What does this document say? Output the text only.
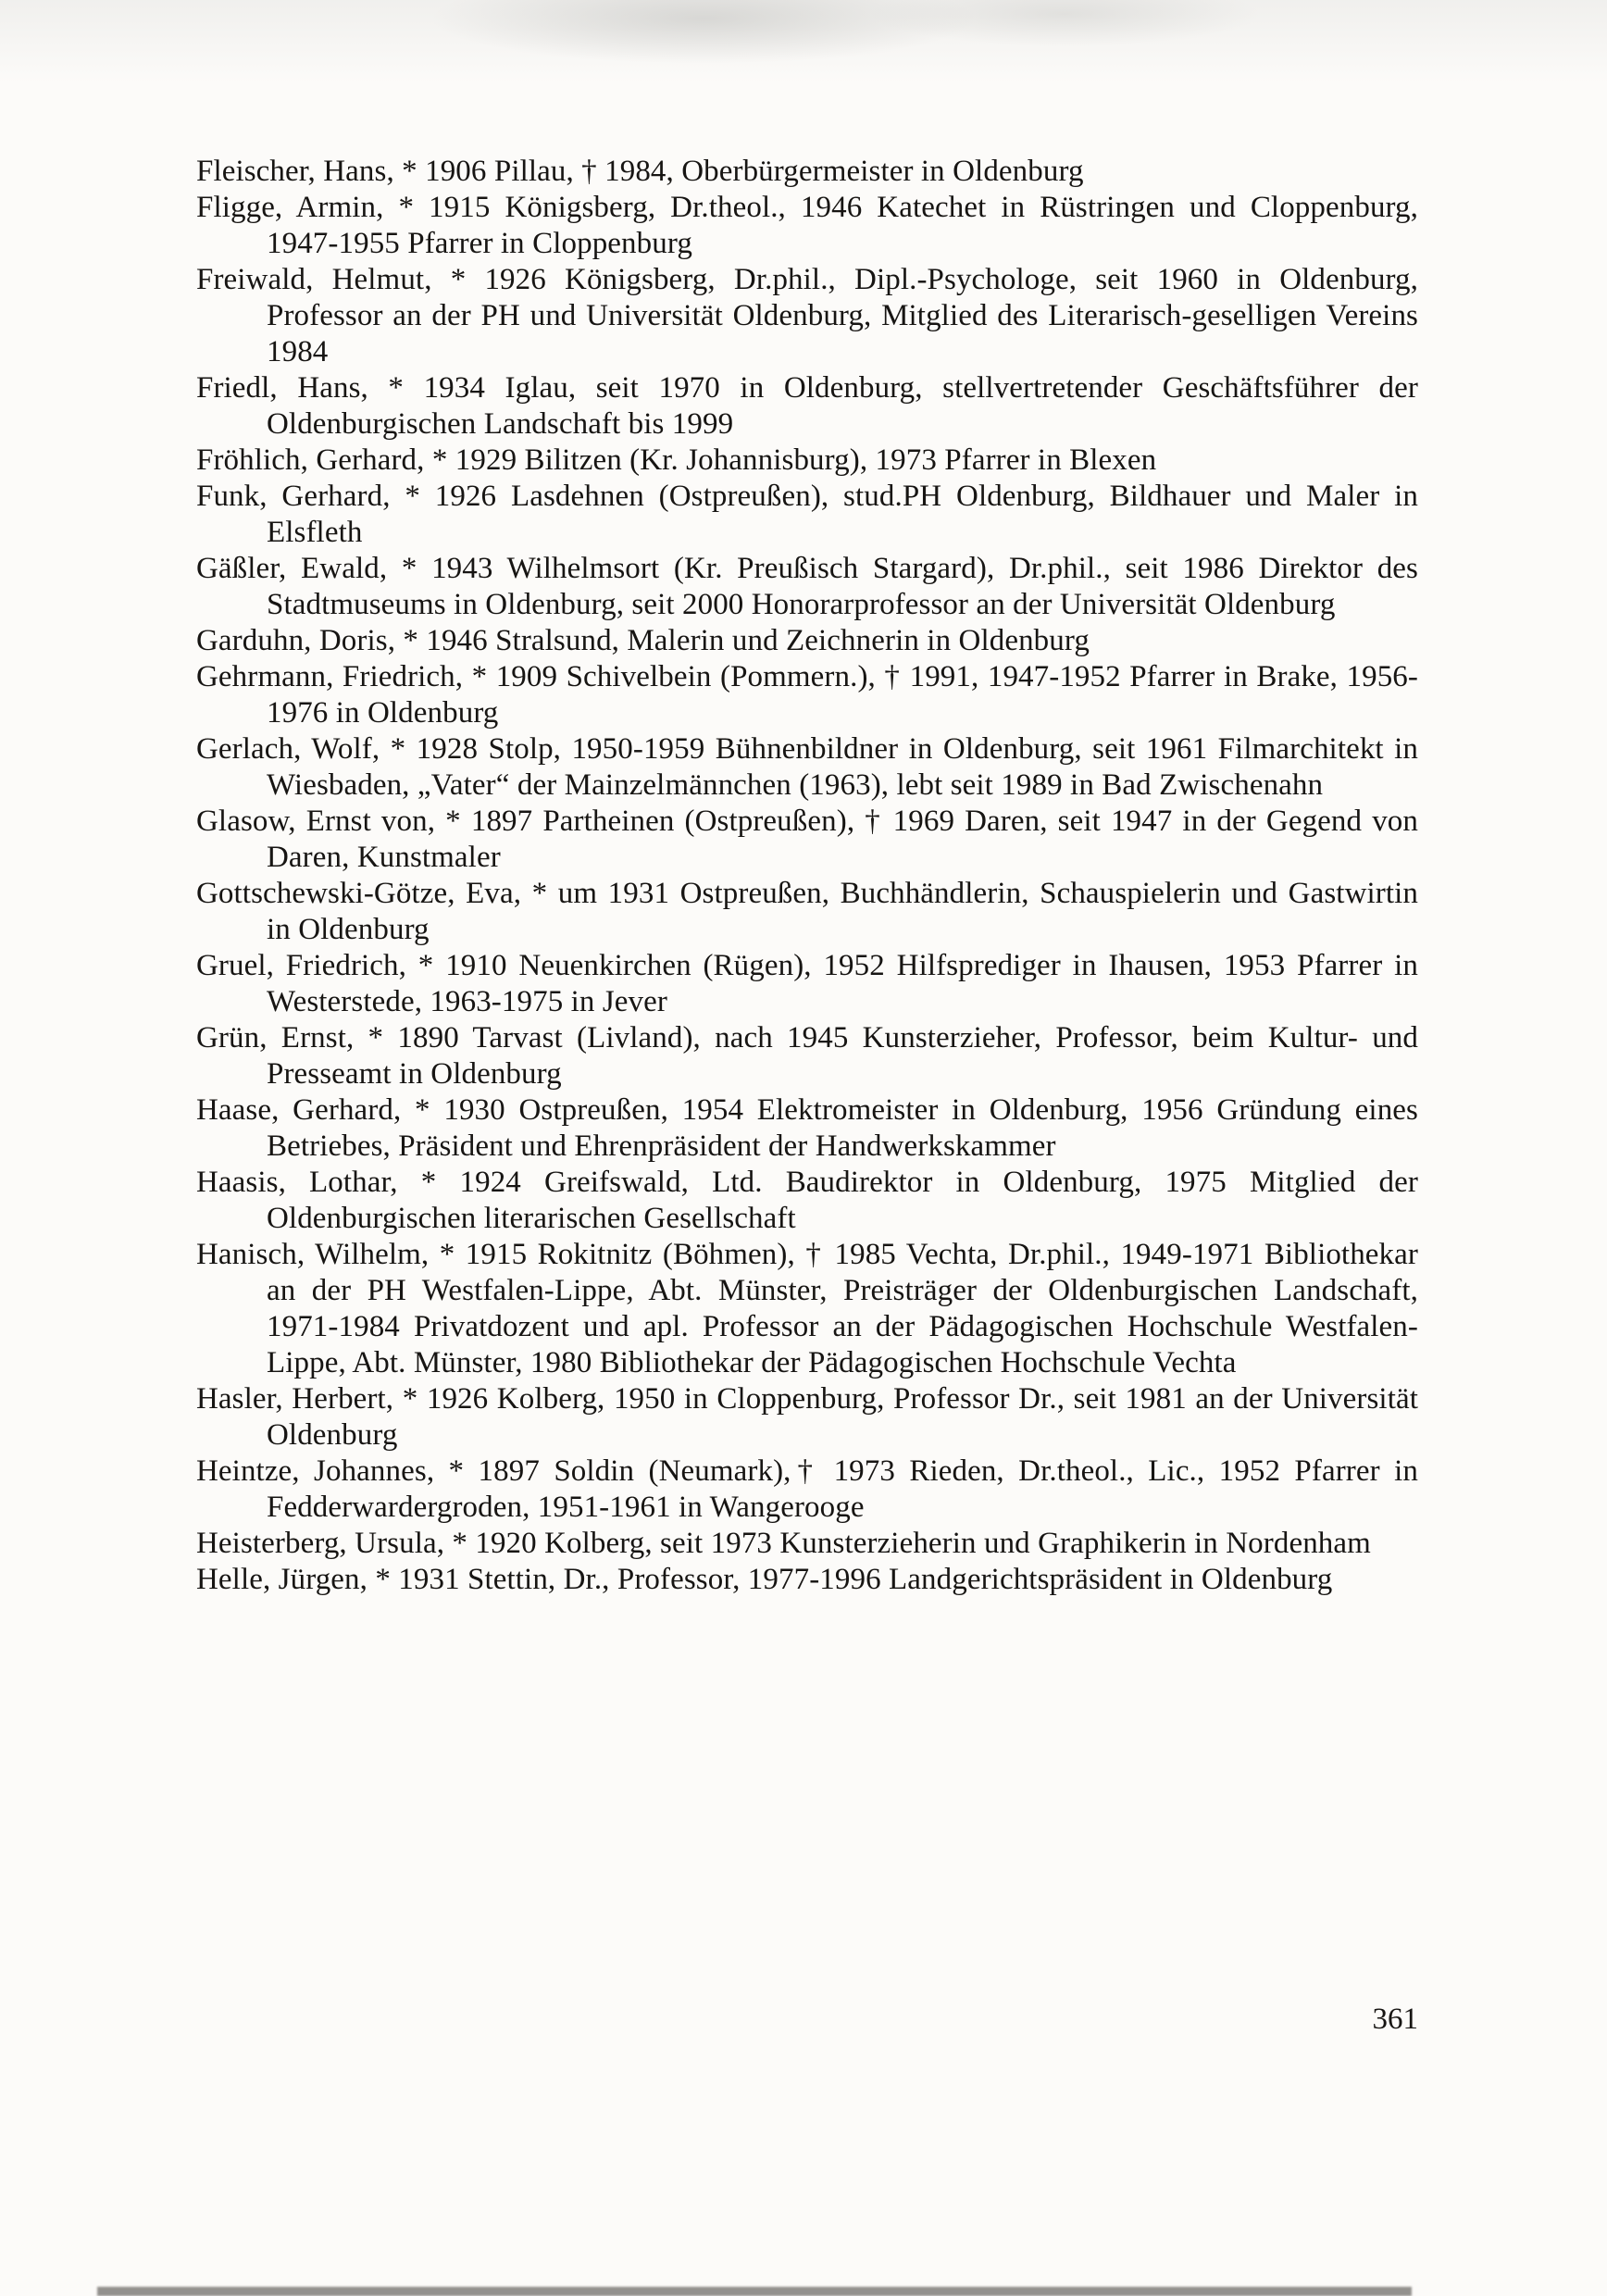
Fleischer, Hans, * 1906 Pillau, † 1984, Oberbürgermeister in Oldenburg

Fligge, Armin, * 1915 Königsberg, Dr.theol., 1946 Katechet in Rüstringen und Cloppenburg, 1947-1955 Pfarrer in Cloppenburg

Freiwald, Helmut, * 1926 Königsberg, Dr.phil., Dipl.-Psychologe, seit 1960 in Oldenburg, Professor an der PH und Universität Oldenburg, Mitglied des Literarisch-geselligen Vereins 1984

Friedl, Hans, * 1934 Iglau, seit 1970 in Oldenburg, stellvertretender Geschäftsführer der Oldenburgischen Landschaft bis 1999

Fröhlich, Gerhard, * 1929 Bilitzen (Kr. Johannisburg), 1973 Pfarrer in Blexen

Funk, Gerhard, * 1926 Lasdehnen (Ostpreußen), stud.PH Oldenburg, Bildhauer und Maler in Elsfleth

Gäßler, Ewald, * 1943 Wilhelmsort (Kr. Preußisch Stargard), Dr.phil., seit 1986 Direktor des Stadtmuseums in Oldenburg, seit 2000 Honorarprofessor an der Universität Oldenburg

Garduhn, Doris, * 1946 Stralsund, Malerin und Zeichnerin in Oldenburg

Gehrmann, Friedrich, * 1909 Schivelbein (Pommern.), † 1991, 1947-1952 Pfarrer in Brake, 1956-1976 in Oldenburg

Gerlach, Wolf, * 1928 Stolp, 1950-1959 Bühnenbildner in Oldenburg, seit 1961 Filmarchitekt in Wiesbaden, „Vater“ der Mainzelmännchen (1963), lebt seit 1989 in Bad Zwischenahn

Glasow, Ernst von, * 1897 Partheinen (Ostpreußen), † 1969 Daren, seit 1947 in der Gegend von Daren, Kunstmaler

Gottschewski-Götze, Eva, * um 1931 Ostpreußen, Buchhändlerin, Schauspielerin und Gastwirtin in Oldenburg

Gruel, Friedrich, * 1910 Neuenkirchen (Rügen), 1952 Hilfsprediger in Ihausen, 1953 Pfarrer in Westerstede, 1963-1975 in Jever

Grün, Ernst, * 1890 Tarvast (Livland), nach 1945 Kunsterzieher, Professor, beim Kultur- und Presseamt in Oldenburg

Haase, Gerhard, * 1930 Ostpreußen, 1954 Elektromeister in Oldenburg, 1956 Gründung eines Betriebes, Präsident und Ehrenpräsident der Handwerkskammer

Haasis, Lothar, * 1924 Greifswald, Ltd. Baudirektor in Oldenburg, 1975 Mitglied der Oldenburgischen literarischen Gesellschaft

Hanisch, Wilhelm, * 1915 Rokitnitz (Böhmen), † 1985 Vechta, Dr.phil., 1949-1971 Bibliothekar an der PH Westfalen-Lippe, Abt. Münster, Preisträger der Oldenburgischen Landschaft, 1971-1984 Privatdozent und apl. Professor an der Pädagogischen Hochschule Westfalen-Lippe, Abt. Münster, 1980 Bibliothekar der Pädagogischen Hochschule Vechta

Hasler, Herbert, * 1926 Kolberg, 1950 in Cloppenburg, Professor Dr., seit 1981 an der Universität Oldenburg

Heintze, Johannes, * 1897 Soldin (Neumark),† 1973 Rieden, Dr.theol., Lic., 1952 Pfarrer in Fedderwardergroden, 1951-1961 in Wangerooge

Heisterberg, Ursula, * 1920 Kolberg, seit 1973 Kunsterzieherin und Graphikerin in Nordenham

Helle, Jürgen, * 1931 Stettin, Dr., Professor, 1977-1996 Landgerichtspräsident in Oldenburg

361
